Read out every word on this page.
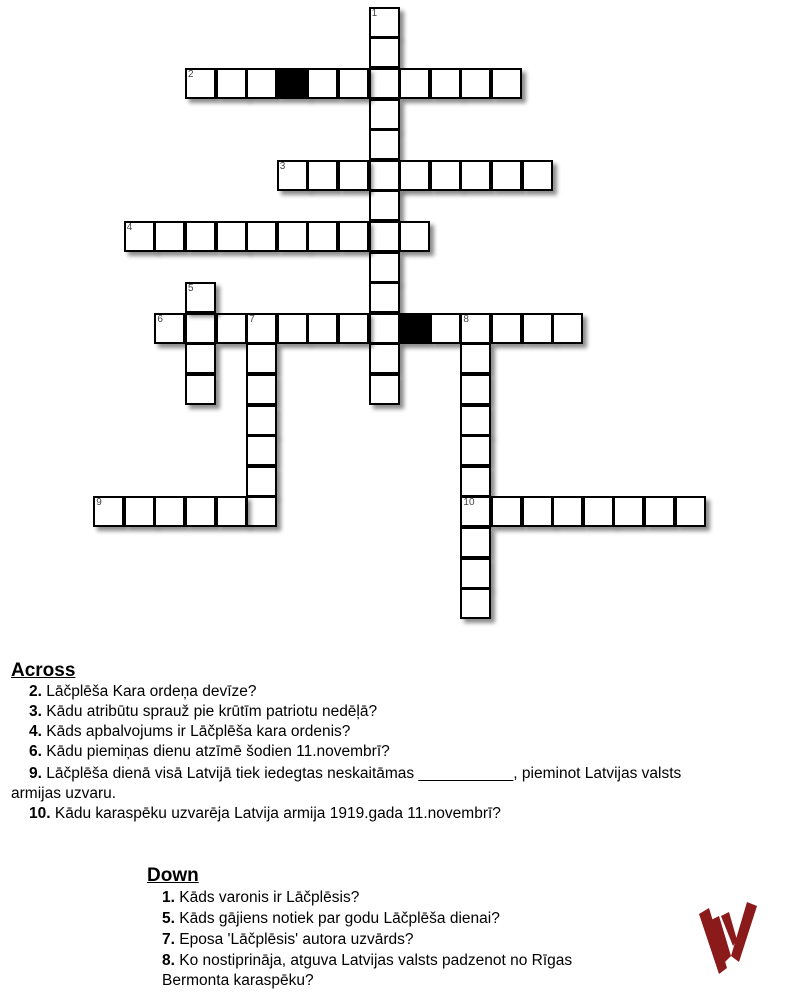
1
2
3
4
6	7	8
5
9	10
Across

2. Lāčplēša Kara ordeņa devīze?

3. Kādu atribūtu sprauž pie krūtīm patriotu nedēļā?

4. Kāds apbalvojums ir Lāčplēša kara ordenis?

6. Kādu piemiņas dienu atzīmē šodien 11.novembrī?

9. Lāčplēša dienā visā Latvijā tiek iedegtas neskaitāmas ___________, pieminot Latvijas valsts

armijas uzvaru.

10. Kādu karaspēku uzvarēja Latvija armija 1919.gada 11.novembrī?

Down

1. Kāds varonis ir Lāčplēsis?

5. Kāds gājiens notiek par godu Lāčplēša dienai?

7. Eposa 'Lāčplēsis' autora uzvārds?

8. Ko nostiprināja, atguva Latvijas valsts padzenot no Rīgas

Bermonta karaspēku?
